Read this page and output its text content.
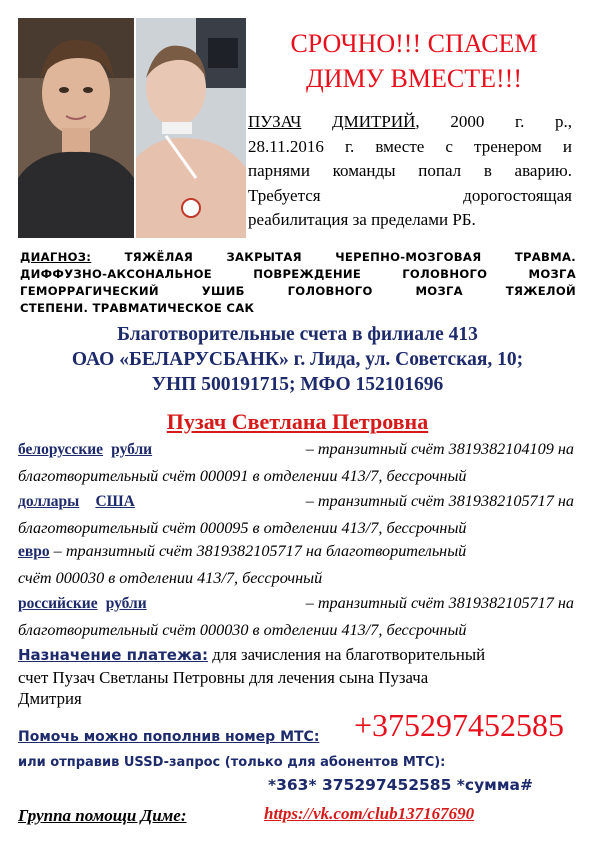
СРОЧНО!!! СПАСЕМ
ДИМУ ВМЕСТЕ!!!
ПУЗАЧ ДМИТРИЙ, 2000 г. р.,
28.11.2016 г. вместе с тренером и
парнями команды попал в аварию.
Требуется	дорогостоящая
реабилитация за пределами РБ.
ДИАГНОЗ:	ТЯЖЁЛАЯ ЗАКРЫТАЯ ЧЕРЕПНО-МОЗГОВАЯ ТРАВМА.
ДИФФУЗНО-АКСОНАЛЬНОЕ ПОВРЕЖДЕНИЕ ГОЛОВНОГО МОЗГА
ГЕМОРРАГИЧЕСКИЙ УШИБ ГОЛОВНОГО МОЗГА ТЯЖЕЛОЙ
СТЕПЕНИ. ТРАВМАТИЧЕСКОЕ САК
Благотворительные счета в филиале 413
ОАО «БЕЛАРУСБАНК» г. Лида, ул. Советская, 10;
УНП 500191715; МФО 152101696
Пузач Светлана Петровна
белорусские рубли	– транзитный счёт 3819382104109 на
благотворительный счёт 000091 в отделении 413/7, бессрочный
доллары США	– транзитный счёт 3819382105717 на
благотворительный счёт 000095 в отделении 413/7, бессрочный
евро – транзитный счёт 3819382105717 на благотворительный
счёт 000030 в отделении 413/7, бессрочный
российские рубли	– транзитный счёт 3819382105717 на
благотворительный счёт 000030 в отделении 413/7, бессрочный
Назначение платежа: для зачисления на благотворительный
счет Пузач Светланы Петровны для лечения сына Пузача
Дмитрия
Помочь можно пополнив номер МТС: +375297452585
или отправив USSD-запрос (только для абонентов МТС):
*363* 375297452585 *сумма#
Группа помощи Диме:	https://vk.com/club137167690
